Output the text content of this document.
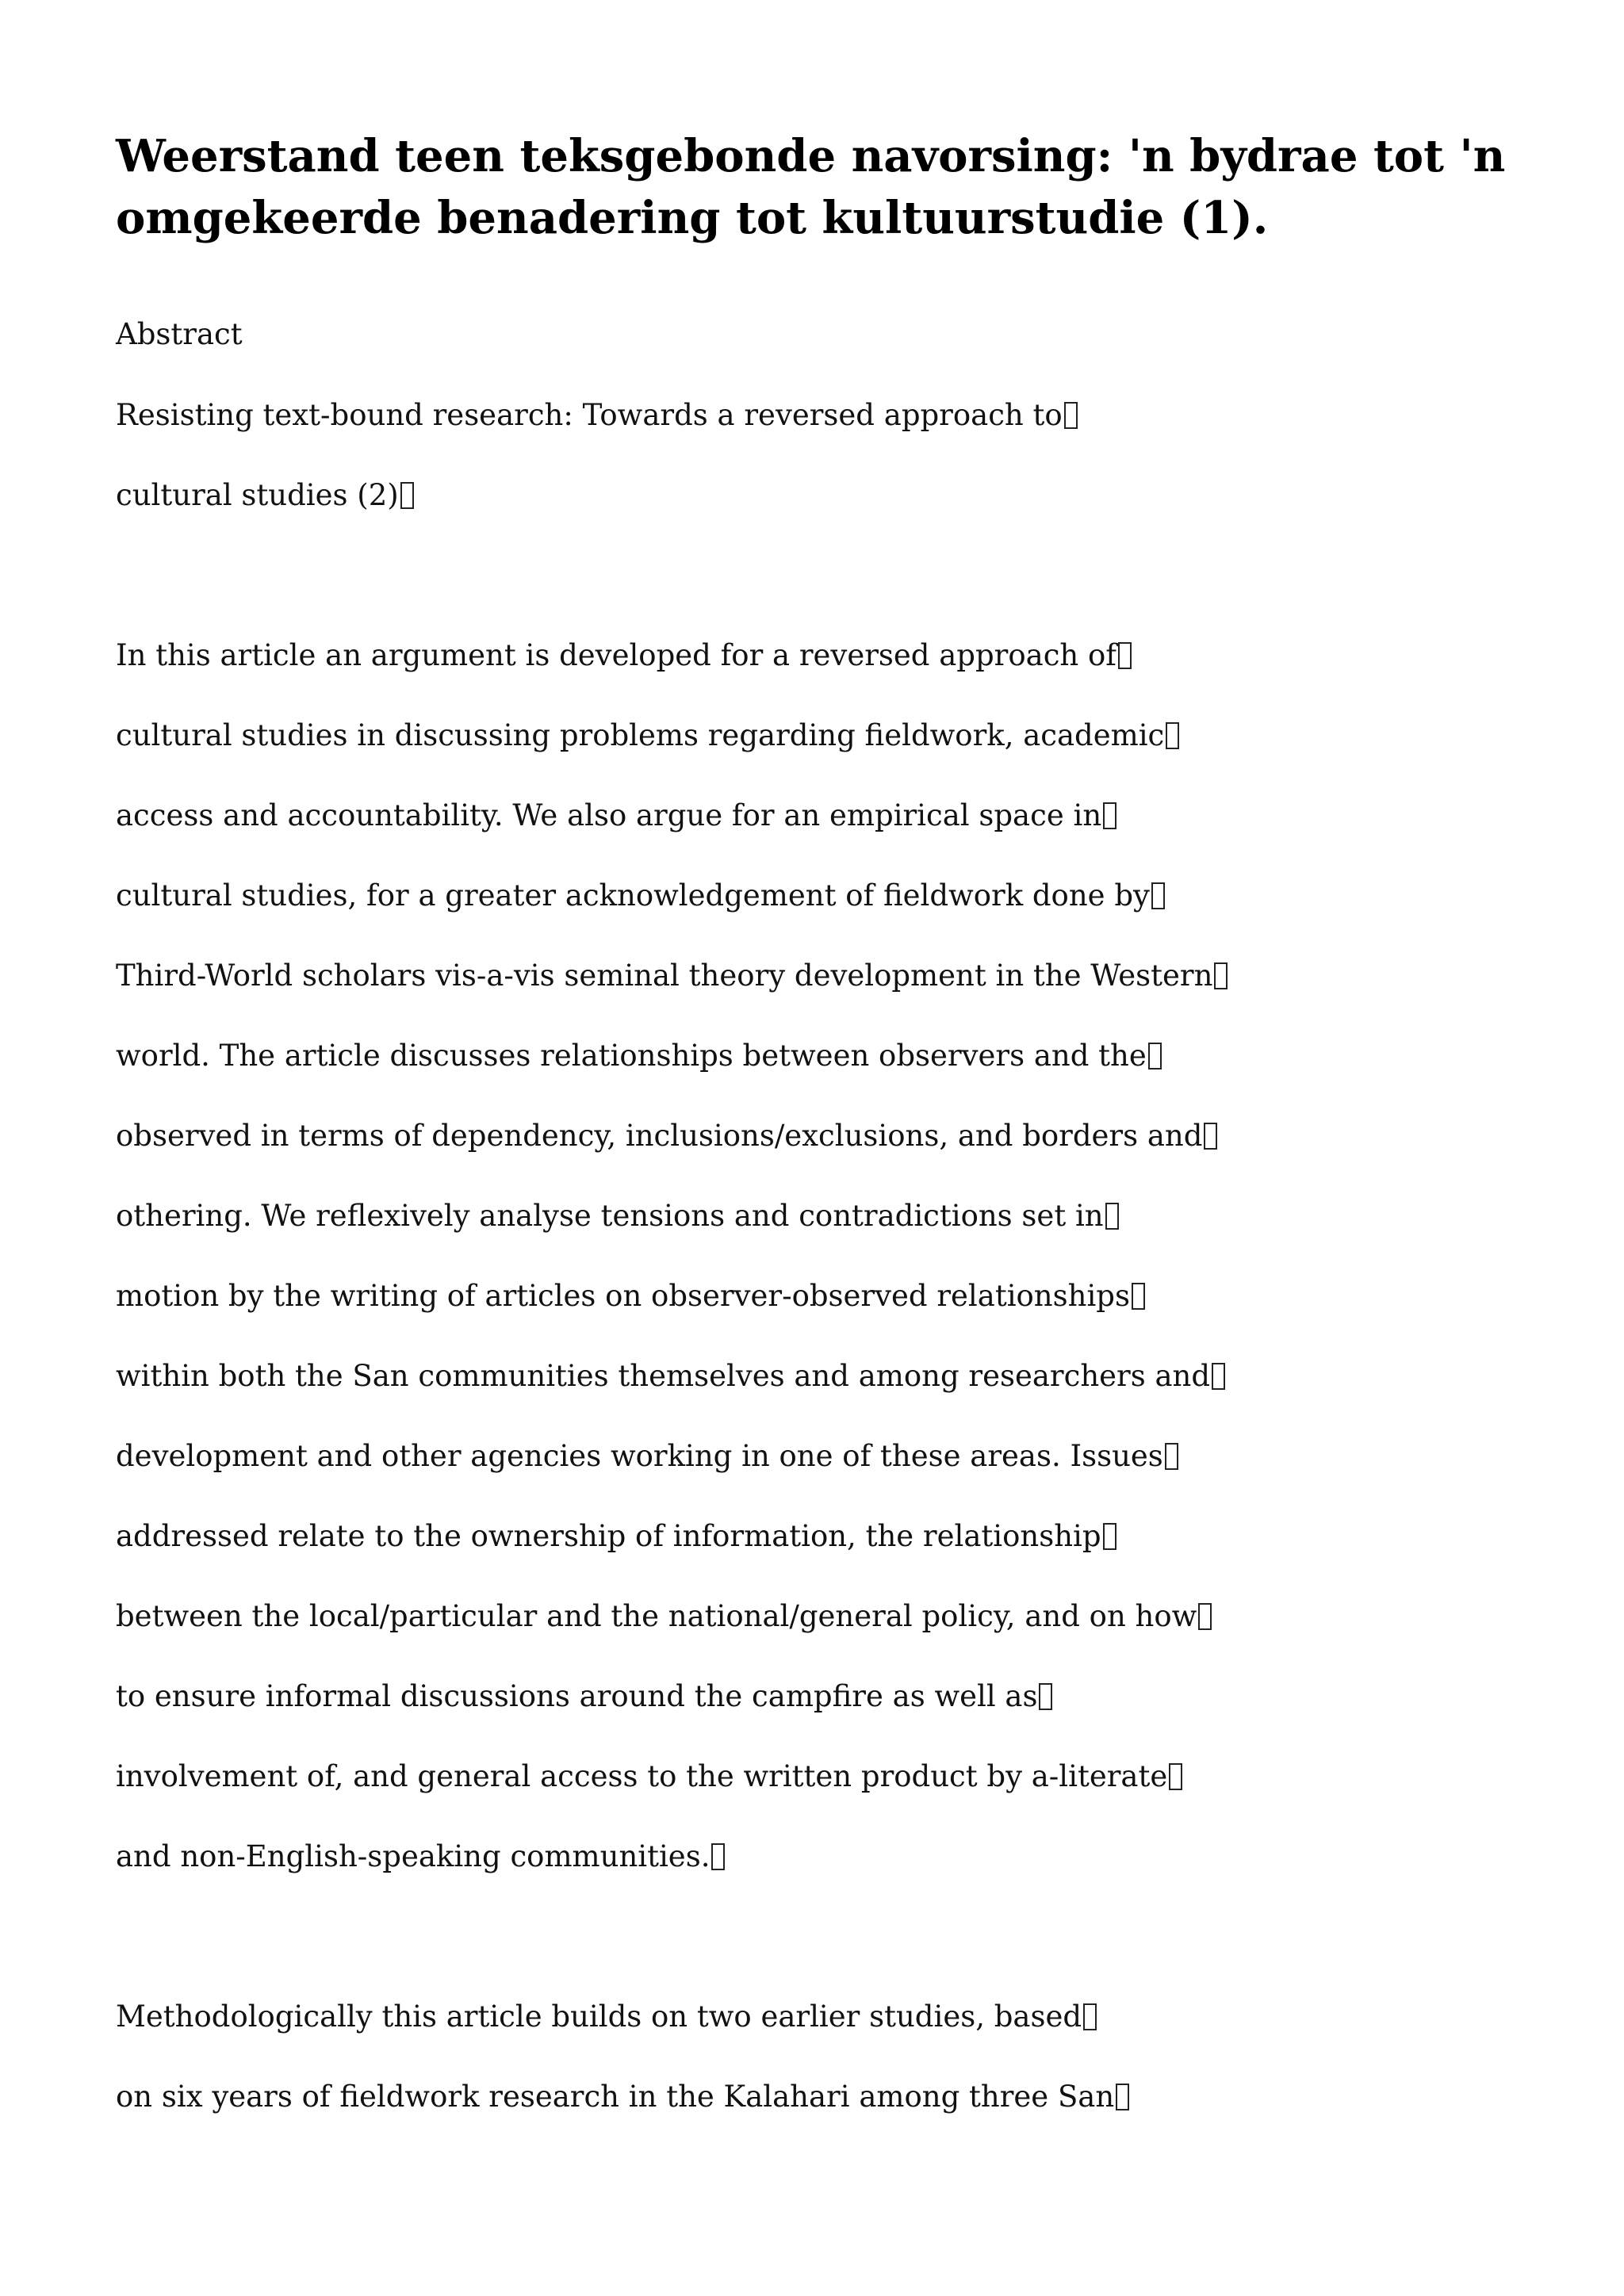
Weerstand teen teksgebonde navorsing: 'n bydrae tot 'n omgekeerde benadering tot kultuurstudie (1).
Abstract
Resisting text-bound research: Towards a reversed approach to
cultural studies (2)
In this article an argument is developed for a reversed approach of
cultural studies in discussing problems regarding fieldwork, academic
access and accountability. We also argue for an empirical space in
cultural studies, for a greater acknowledgement of fieldwork done by
Third-World scholars vis-a-vis seminal theory development in the Western
world. The article discusses relationships between observers and the
observed in terms of dependency, inclusions/exclusions, and borders and
othering. We reflexively analyse tensions and contradictions set in
motion by the writing of articles on observer-observed relationships
within both the San communities themselves and among researchers and
development and other agencies working in one of these areas. Issues
addressed relate to the ownership of information, the relationship
between the local/particular and the national/general policy, and on how
to ensure informal discussions around the campfire as well as
involvement of, and general access to the written product by a-literate
and non-English-speaking communities.
Methodologically this article builds on two earlier studies, based
on six years of fieldwork research in the Kalahari among three San
